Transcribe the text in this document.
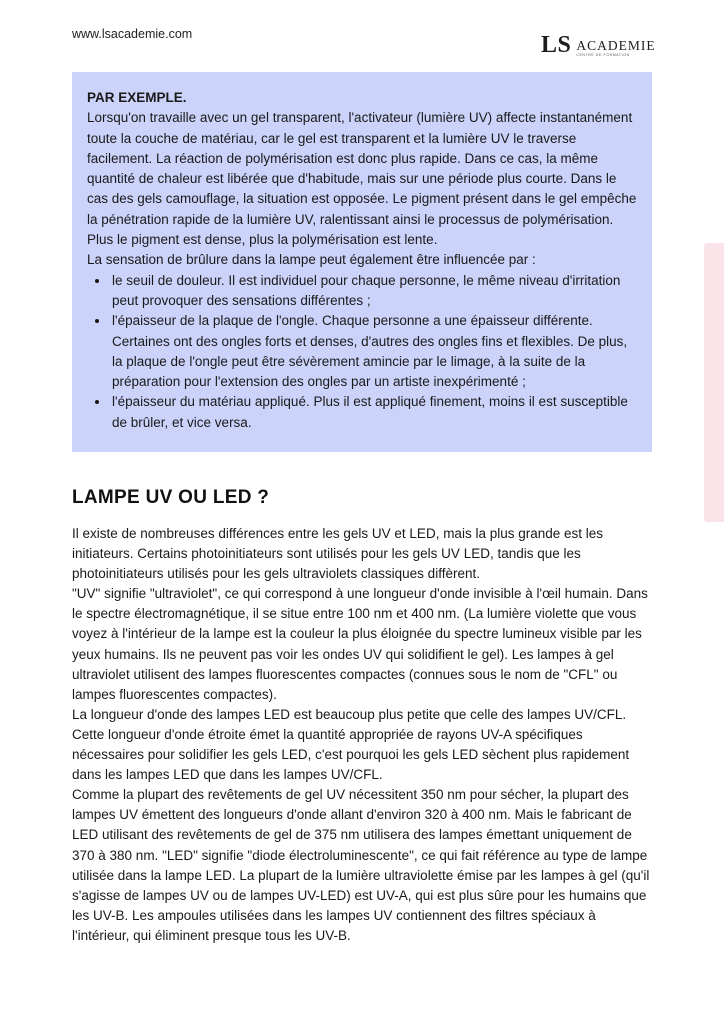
www.lsacademie.com	LS ACADEMIE
CENTRE DE FORMATION

PAR EXEMPLE.

Lorsqu'on travaille avec un gel transparent, l'activateur (lumière UV) affecte instantanément toute la couche de matériau, car le gel est transparent et la lumière UV le traverse facilement. La réaction de polymérisation est donc plus rapide. Dans ce cas, la même quantité de chaleur est libérée que d'habitude, mais sur une période plus courte. Dans le cas des gels camouflage, la situation est opposée. Le pigment présent dans le gel empêche la pénétration rapide de la lumière UV, ralentissant ainsi le processus de polymérisation. Plus le pigment est dense, plus la polymérisation est lente.

La sensation de brûlure dans la lampe peut également être influencée par :

• le seuil de douleur. Il est individuel pour chaque personne, le même niveau d'irritation peut provoquer des sensations différentes ;
• l'épaisseur de la plaque de l'ongle. Chaque personne a une épaisseur différente. Certaines ont des ongles forts et denses, d'autres des ongles fins et flexibles. De plus, la plaque de l'ongle peut être sévèrement amincie par le limage, à la suite de la préparation pour l'extension des ongles par un artiste inexpérimenté ;
• l'épaisseur du matériau appliqué. Plus il est appliqué finement, moins il est susceptible de brûler, et vice versa.
LAMPE UV OU LED ?

Il existe de nombreuses différences entre les gels UV et LED, mais la plus grande est les initiateurs. Certains photoinitiateurs sont utilisés pour les gels UV LED, tandis que les photoinitiateurs utilisés pour les gels ultraviolets classiques diffèrent.

"UV" signifie "ultraviolet", ce qui correspond à une longueur d'onde invisible à l'œil humain. Dans le spectre électromagnétique, il se situe entre 100 nm et 400 nm. (La lumière violette que vous voyez à l'intérieur de la lampe est la couleur la plus éloignée du spectre lumineux visible par les yeux humains. Ils ne peuvent pas voir les ondes UV qui solidifient le gel). Les lampes à gel ultraviolet utilisent des lampes fluorescentes compactes (connues sous le nom de "CFL" ou lampes fluorescentes compactes).

La longueur d'onde des lampes LED est beaucoup plus petite que celle des lampes UV/CFL. Cette longueur d'onde étroite émet la quantité appropriée de rayons UV-A spécifiques nécessaires pour solidifier les gels LED, c'est pourquoi les gels LED sèchent plus rapidement dans les lampes LED que dans les lampes UV/CFL.

Comme la plupart des revêtements de gel UV nécessitent 350 nm pour sécher, la plupart des lampes UV émettent des longueurs d'onde allant d'environ 320 à 400 nm. Mais le fabricant de LED utilisant des revêtements de gel de 375 nm utilisera des lampes émettant uniquement de 370 à 380 nm. "LED" signifie "diode électroluminescente", ce qui fait référence au type de lampe utilisée dans la lampe LED. La plupart de la lumière ultraviolette émise par les lampes à gel (qu'il s'agisse de lampes UV ou de lampes UV-LED) est UV-A, qui est plus sûre pour les humains que les UV-B. Les ampoules utilisées dans les lampes UV contiennent des filtres spéciaux à l'intérieur, qui éliminent presque tous les UV-B.
